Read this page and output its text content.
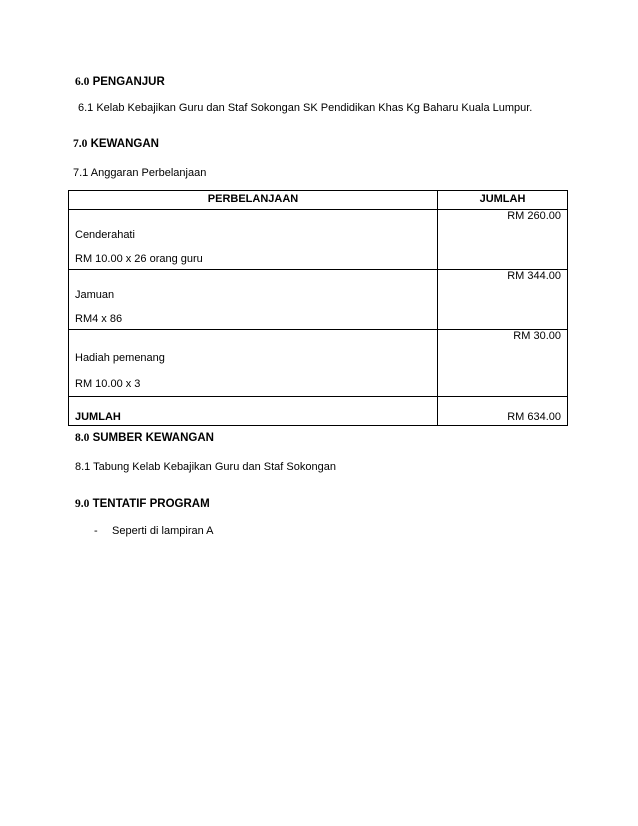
6.0 PENGANJUR
6.1 Kelab Kebajikan Guru dan Staf Sokongan SK Pendidikan Khas Kg Baharu Kuala Lumpur.
7.0 KEWANGAN
7.1 Anggaran Perbelanjaan
PERBELANJAAN	JUMLAH

Cenderahati
RM 10.00 x 26 orang guru	RM 260.00

Jamuan
RM4 x 86	RM 344.00

Hadiah pemenang
RM 10.00 x 3	RM 30.00
JUMLAH	RM 634.00
8.0 SUMBER KEWANGAN
8.1 Tabung Kelab Kebajikan Guru dan Staf Sokongan
9.0 TENTATIF PROGRAM
- Seperti di lampiran A
